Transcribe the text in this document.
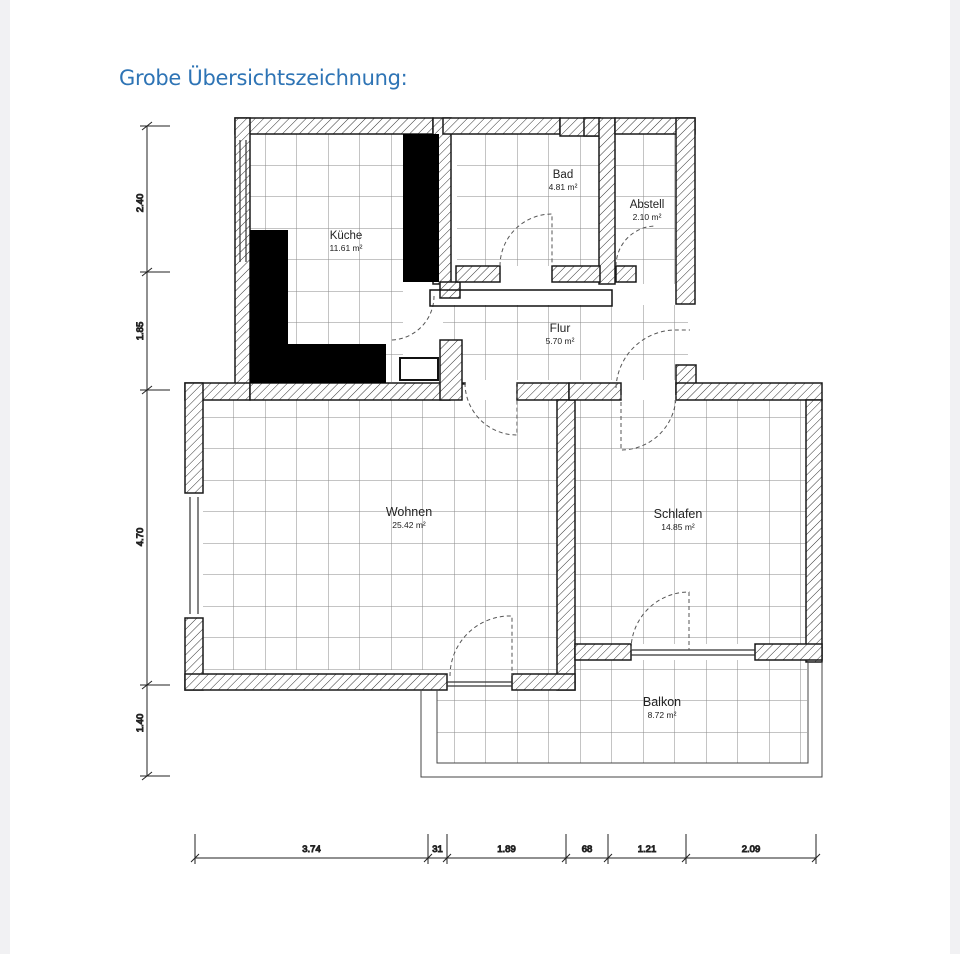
Grobe Übersichtszeichnung:
2.40
1.85
4.70
1.40
3.74	31	1.89	68	1.21	2.09
Küche
11.61 m²
Bad
4.81 m²
Abstell
2.10 m²
Flur
5.70 m²
Wohnen
25.42 m²
Schlafen
14.85 m²
Balkon
8.72 m²
